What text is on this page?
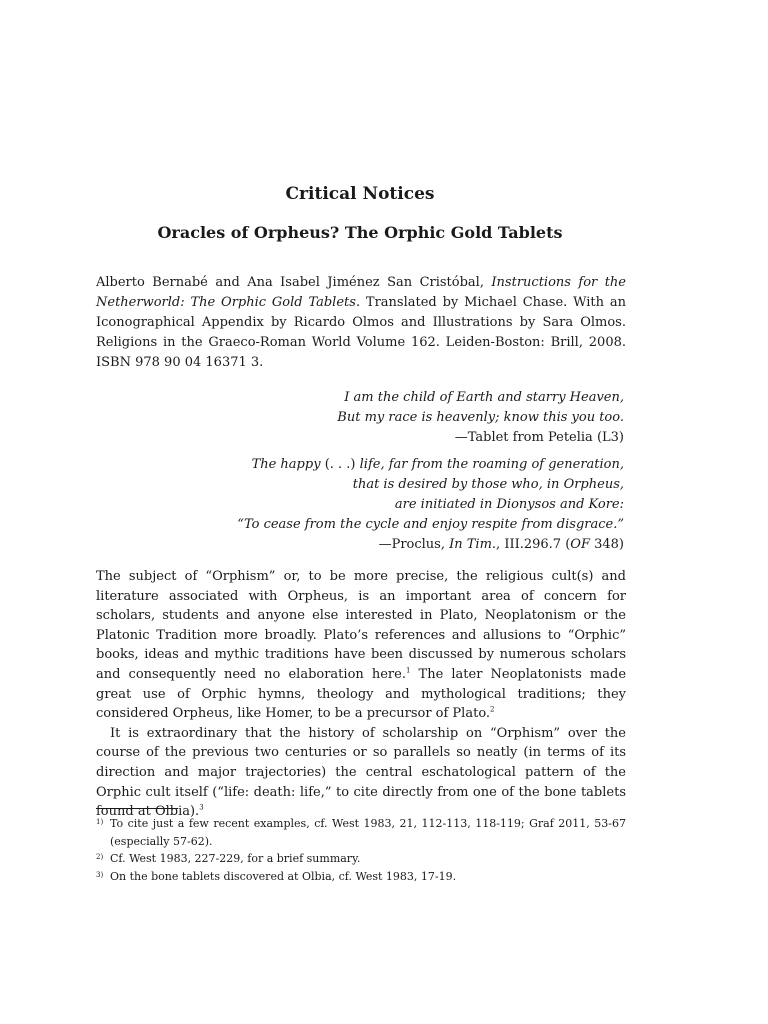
Critical Notices
Oracles of Orpheus? The Orphic Gold Tablets

Alberto Bernabé and Ana Isabel Jiménez San Cristóbal, Instructions for the Netherworld: The Orphic Gold Tablets. Translated by Michael Chase. With an Iconographical Appendix by Ricardo Olmos and Illustrations by Sara Olmos. Religions in the Graeco-Roman World Volume 162. Leiden-Boston: Brill, 2008. ISBN 978 90 04 16371 3.

I am the child of Earth and starry Heaven,
But my race is heavenly; know this you too.
—Tablet from Petelia (L3)
The happy (. . .) life, far from the roaming of generation,
that is desired by those who, in Orpheus,
are initiated in Dionysos and Kore:
“To cease from the cycle and enjoy respite from disgrace.”
—Proclus, In Tim., III.296.7 (OF 348)

The subject of “Orphism” or, to be more precise, the religious cult(s) and literature associated with Orpheus, is an important area of concern for scholars, students and anyone else interested in Plato, Neoplatonism or the Platonic Tradition more broadly. Plato’s references and allusions to “Orphic” books, ideas and mythic traditions have been discussed by numerous scholars and consequently need no elaboration here.$^1$ The later Neoplatonists made great use of Orphic hymns, theology and mythological traditions; they considered Orpheus, like Homer, to be a precursor of Plato.$^2$

It is extraordinary that the history of scholarship on “Orphism” over the course of the previous two centuries or so parallels so neatly (in terms of its direction and major trajectories) the central eschatological pattern of the Orphic cult itself (“life: death: life,” to cite directly from one of the bone tablets found at Olbia).$^3$

1) To cite just a few recent examples, cf. West 1983, 21, 112-113, 118-119; Graf 2011, 53-67 (especially 57-62).
2) Cf. West 1983, 227-229, for a brief summary.
3) On the bone tablets discovered at Olbia, cf. West 1983, 17-19.
